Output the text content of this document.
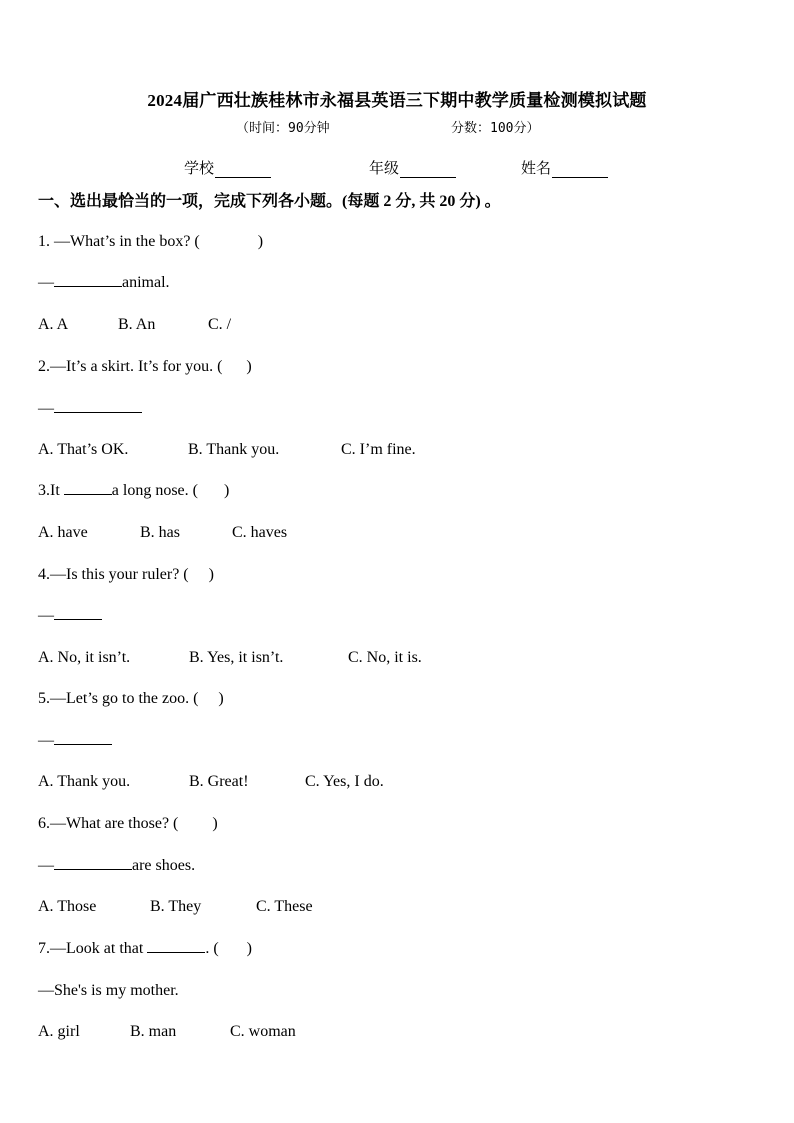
2024届广西壮族桂林市永福县英语三下期中教学质量检测模拟试题
（时间：90分钟	分数：100分）
学校	年级	姓名
一、选出最恰当的一项，完成下列各小题。(每题 2 分, 共 20 分) 。
1. —What’s in the box? (	)
—	animal.
A. A	B. An	C. /
2.—It’s a skirt. It’s for you. ( )
—
A. That’s OK.	B. Thank you.	C. I’m fine.
3.It	a long nose. ( )
A. have	B. has	C. haves
4.—Is this your ruler? ( )
—
A. No, it isn’t.	B. Yes, it isn’t.	C. No, it is.
5.—Let’s go to the zoo. ( )
—
A. Thank you.	B. Great!	C. Yes, I do.
6.—What are those? ( )
—	are shoes.
A. Those	B. They	C. These
7.—Look at that	. ( )
—She's is my mother.
A. girl	B. man	C. woman
